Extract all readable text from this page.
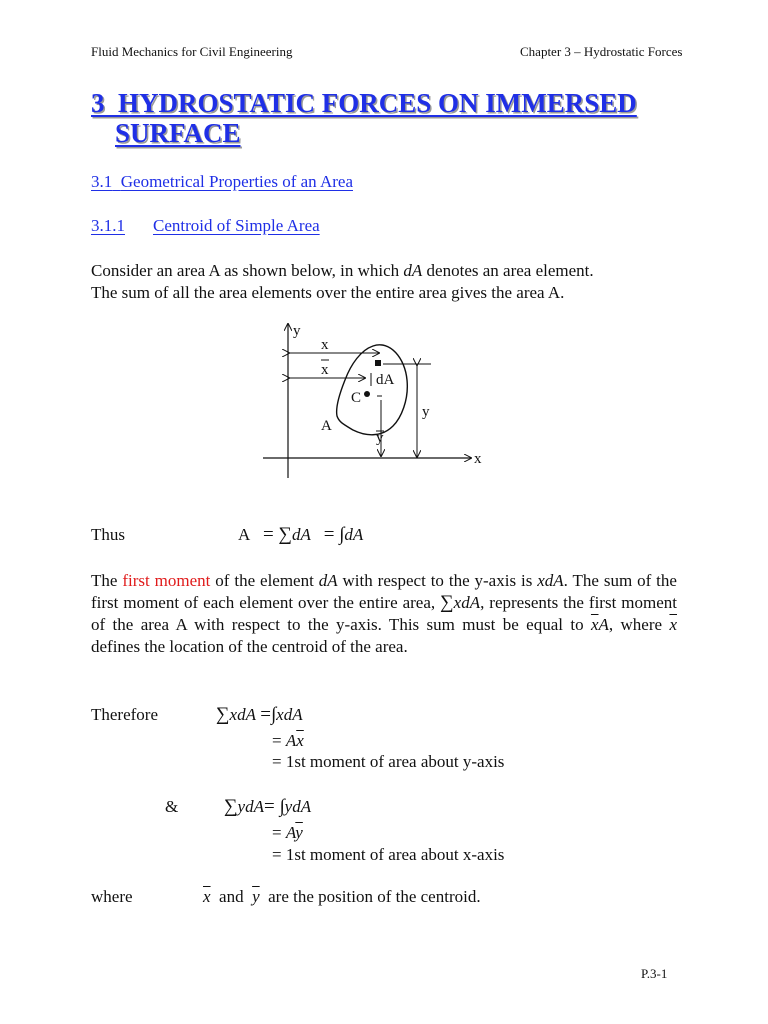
Fluid Mechanics for Civil Engineering	Chapter 3 – Hydrostatic Forces
3 HYDROSTATIC FORCES ON IMMERSED
SURFACE
3.1 Geometrical Properties of an Area
3.1.1 Centroid of Simple Area
Consider an area A as shown below, in which dA denotes an area element.
The sum of all the area elements over the entire area gives the area A.
y
x
x
x
dA
C
A
y
y
Thus	A = ∑dA = ∫dA
The first moment of the element dA with respect to the y-axis is xdA. The sum of the first moment of each element over the entire area, ∑xdA, represents the first moment of the area A with respect to the y-axis. This sum must be equal to $\overline{x}A$, where $\overline{x}$ defines the location of the centroid of the area.
Therefore	∑xdA =∫xdA
= $A\overline{x}$
= 1st moment of area about y-axis
& ∑ydA= ∫ydA
= $A\overline{y}$
= 1st moment of area about x-axis
where	$\overline{x}$ and $\overline{y}$ are the position of the centroid.
P.3-1
